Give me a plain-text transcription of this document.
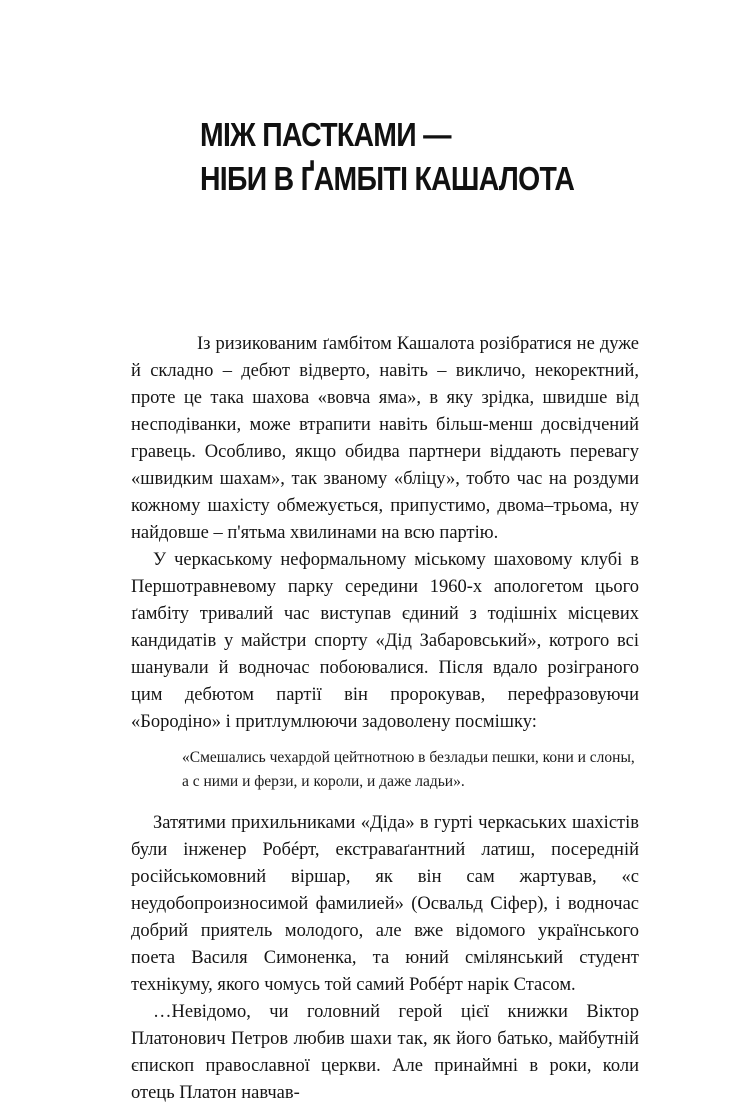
МІЖ ПАСТКАМИ —
НІБИ В ҐАМБІТІ КАШАЛОТА

Із ризикованим ґамбітом Кашалота розібратися не дуже й складно – дебют відверто, навіть – викличо, некоректний, проте це така шахова «вовча яма», в яку зрідка, швидше від несподіванки, може втрапити навіть більш-менш досвідчений гравець. Особливо, якщо обидва партнери віддають перевагу «швидким шахам», так званому «бліцу», тобто час на роздуми кожному шахісту обмежується, припустимо, двома–трьома, ну найдовше – п'ятьма хвилинами на всю партію.

У черкаському неформальному міському шаховому клубі в Першотравневому парку середини 1960-х апологетом цього ґамбіту тривалий час виступав єдиний з тодішніх місцевих кандидатів у майстри спорту «Дід Забаровський», котрого всі шанували й водночас побоювалися. Після вдало розіграного цим дебютом партії він пророкував, перефразовуючи «Бородіно» і притлумлюючи задоволену посмішку:

«Смешались чехардой цейтнотною в безладьи пешки, кони и слоны,
а с ними и ферзи, и короли, и даже ладьи».

Затятими прихильниками «Діда» в гурті черкаських шахістів були інженер Робéрт, екстраваґантний латиш, посередній російськомовний віршар, як він сам жартував, «с неудобопроизносимой фамилией» (Освальд Сіфер), і водночас добрий приятель молодого, але вже відомого українського поета Василя Симоненка, та юний смілянський студент технікуму, якого чомусь той самий Робéрт нарік Стасом.

…Невідомо, чи головний герой цієї книжки Віктор Платонович Петров любив шахи так, як його батько, майбутній єпископ православної церкви. Але принаймні в роки, коли отець Платон навчав-
